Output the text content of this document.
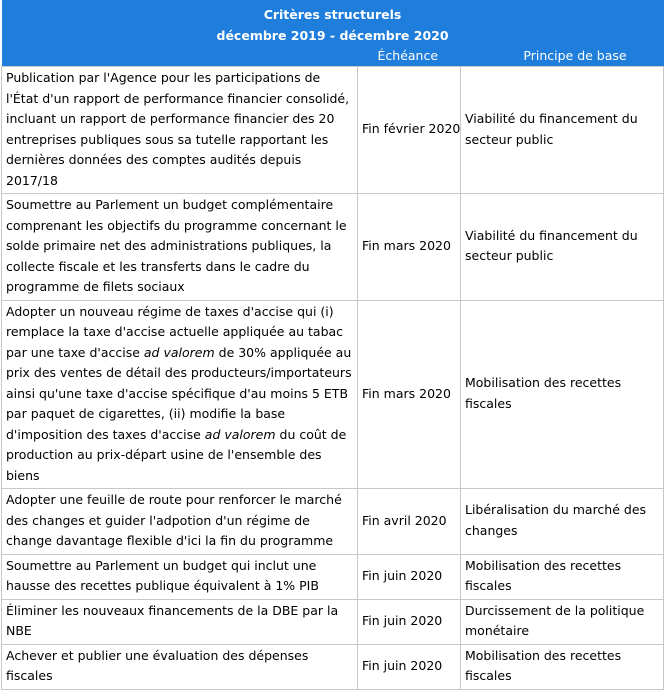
Critères structurels
décembre 2019 - décembre 2020		

	Échéance	Principe de base
Publication par l'Agence pour les participations de l'État d'un rapport de performance financier consolidé, incluant un rapport de performance financier des 20 entreprises publiques sous sa tutelle rapportant les dernières données des comptes audités depuis 2017/18	Fin février 2020	Viabilité du financement du secteur public
Soumettre au Parlement un budget complémentaire comprenant les objectifs du programme concernant le solde primaire net des administrations publiques, la collecte fiscale et les transferts dans le cadre du programme de filets sociaux	Fin mars 2020	Viabilité du financement du secteur public
Adopter un nouveau régime de taxes d'accise qui (i) remplace la taxe d'accise actuelle appliquée au tabac par une taxe d'accise ad valorem de 30% appliquée au prix des ventes de détail des producteurs/importateurs ainsi qu'une taxe d'accise spécifique d'au moins 5 ETB par paquet de cigarettes, (ii) modifie la base d'imposition des taxes d'accise ad valorem du coût de production au prix-départ usine de l'ensemble des biens	Fin mars 2020	Mobilisation des recettes fiscales
Adopter une feuille de route pour renforcer le marché des changes et guider l'adpotion d'un régime de change davantage flexible d'ici la fin du programme	Fin avril 2020	Libéralisation du marché des changes
Soumettre au Parlement un budget qui inclut une hausse des recettes publique équivalent à 1% PIB	Fin juin 2020	Mobilisation des recettes fiscales
Éliminer les nouveaux financements de la DBE par la NBE	Fin juin 2020	Durcissement de la politique monétaire
Achever et publier une évaluation des dépenses fiscales	Fin juin 2020	Mobilisation des recettes fiscales
